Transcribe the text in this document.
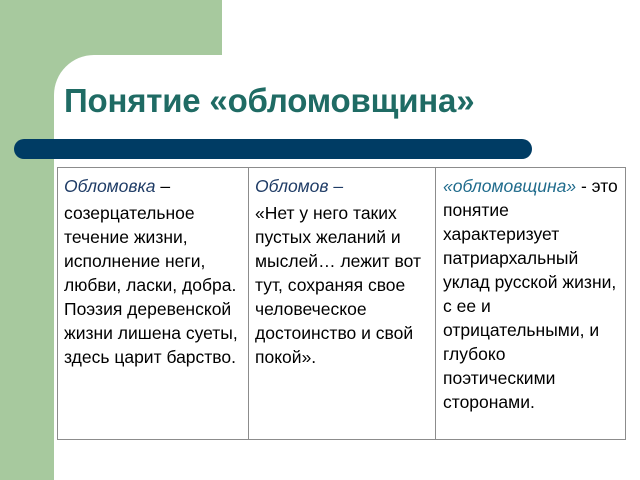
Понятие «обломовщина»
Обломовка –
созерцательное течение жизни, исполнение неги, любви, ласки, добра. Поэзия деревенской жизни лишена суеты, здесь царит барство.
Обломов –
«Нет у него таких пустых желаний и мыслей… лежит вот тут, сохраняя свое человеческое достоинство и свой покой».
«обломовщина» - это понятие характеризует патриархальный уклад русской жизни, с ее и отрицательными, и глубоко поэтическими сторонами.
